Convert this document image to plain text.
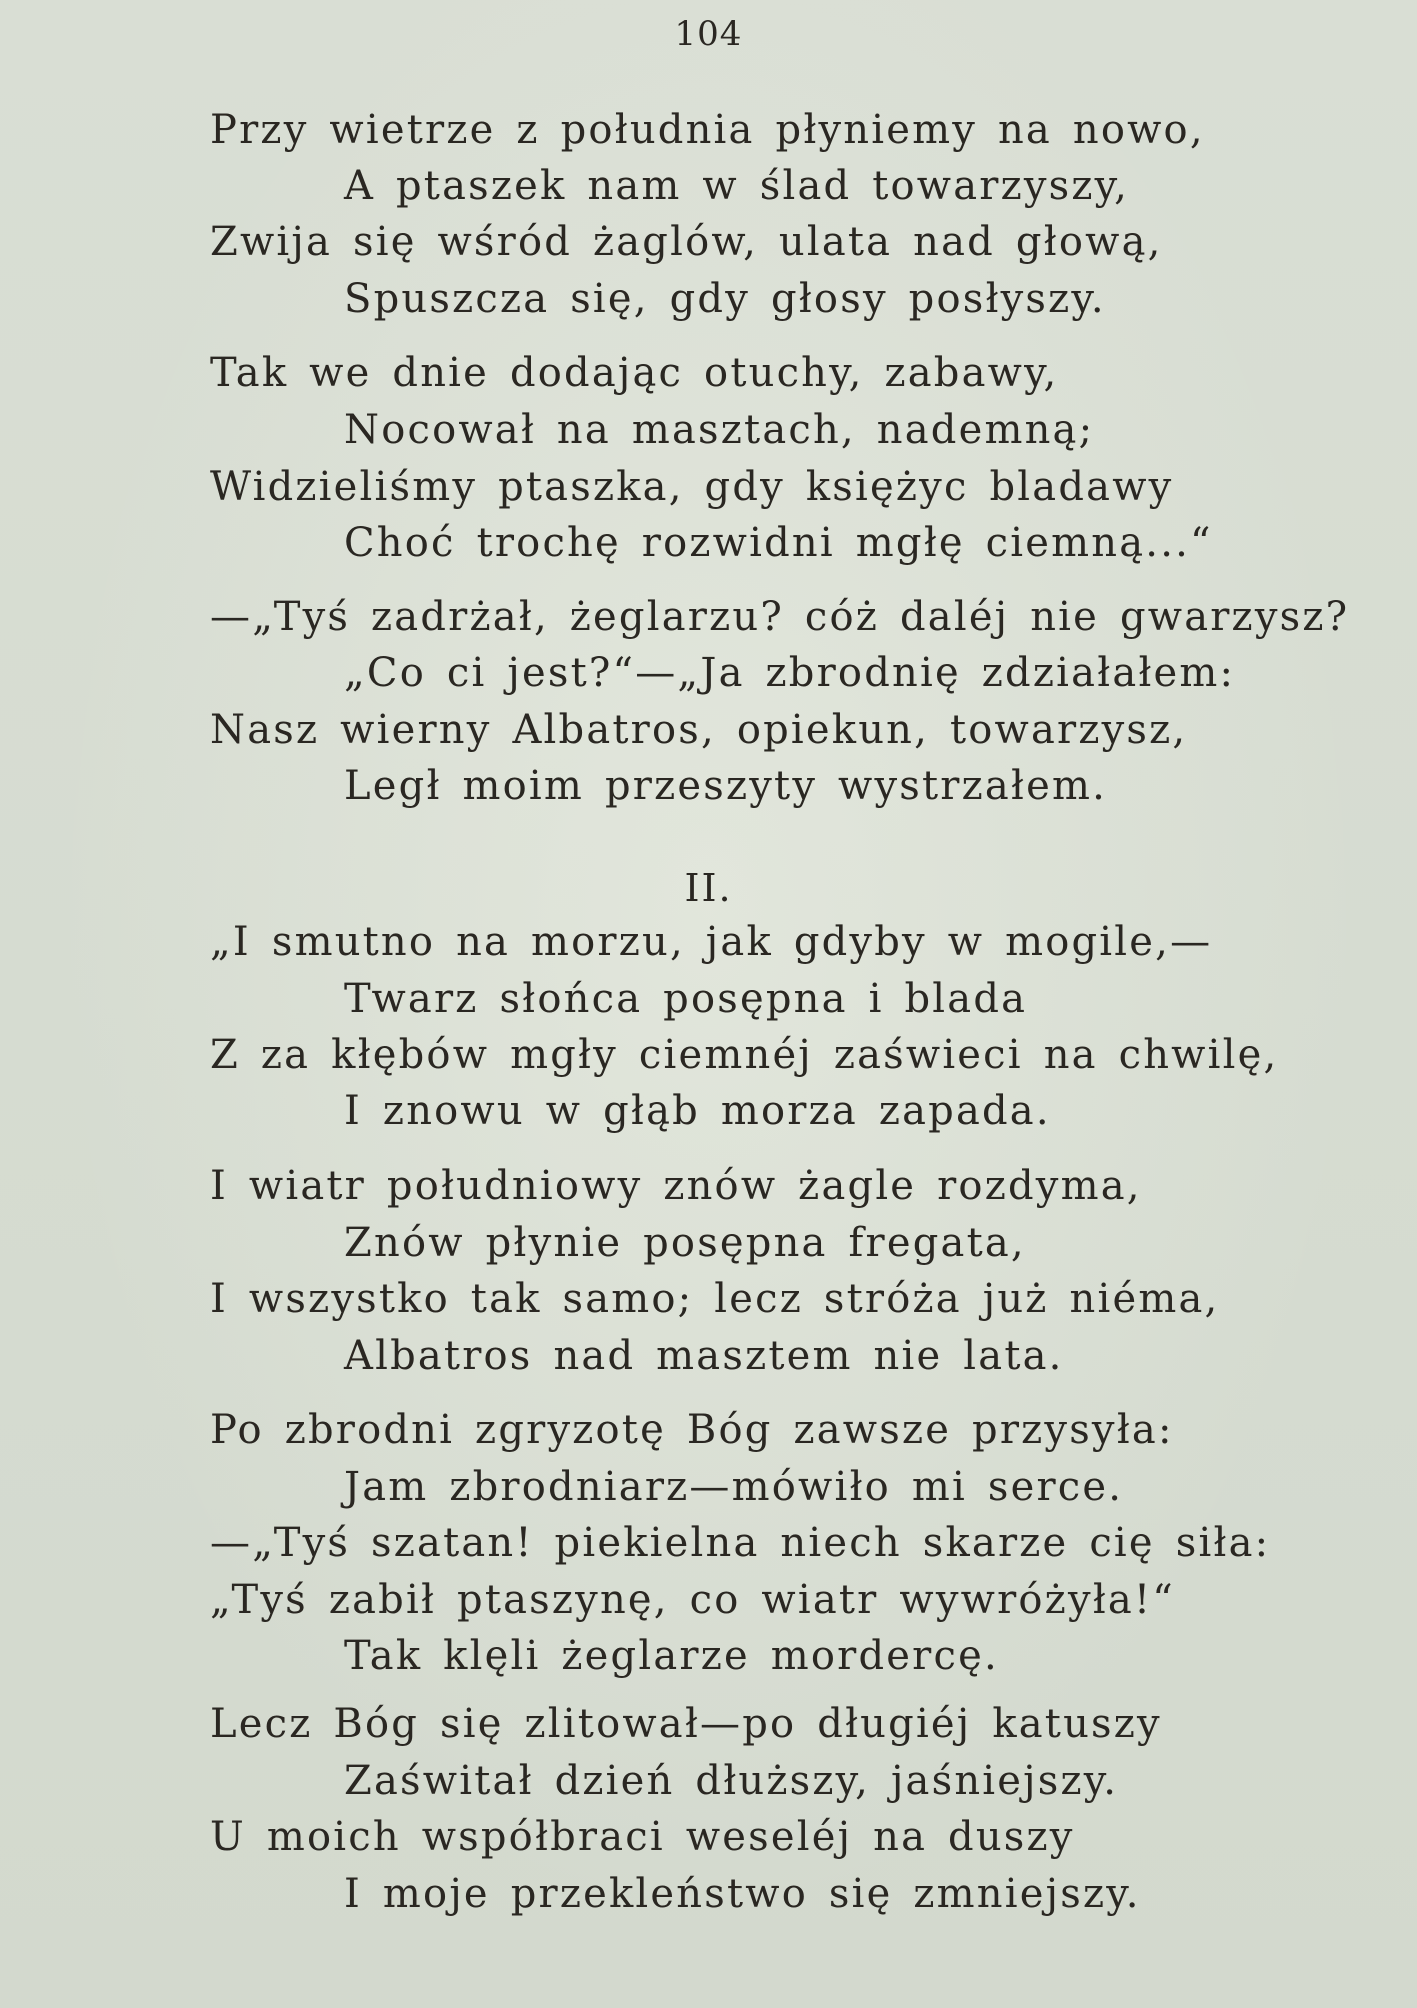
104
Przy wietrze z południa płyniemy na nowo,
A ptaszek nam w ślad towarzyszy,
Zwija się wśród żaglów, ulata nad głową,
Spuszcza się, gdy głosy posłyszy.
Tak we dnie dodając otuchy, zabawy,
Nocował na masztach, nademną;
Widzieliśmy ptaszka, gdy księżyc bladawy
Choć trochę rozwidni mgłę ciemną...“
—„Tyś zadrżał, żeglarzu? cóż daléj nie gwarzysz?
„Co ci jest?“—„Ja zbrodnię zdziałałem:
Nasz wierny Albatros, opiekun, towarzysz,
Legł moim przeszyty wystrzałem.
II.
„I smutno na morzu, jak gdyby w mogile,—
Twarz słońca posępna i blada
Z za kłębów mgły ciemnéj zaświeci na chwilę,
I znowu w głąb morza zapada.
I wiatr południowy znów żagle rozdyma,
Znów płynie posępna fregata,
I wszystko tak samo; lecz stróża już niéma,
Albatros nad masztem nie lata.
Po zbrodni zgryzotę Bóg zawsze przysyła:
Jam zbrodniarz—mówiło mi serce.
—„Tyś szatan! piekielna niech skarze cię siła:
„Tyś zabił ptaszynę, co wiatr wywróżyła!“
Tak klęli żeglarze mordercę.
Lecz Bóg się zlitował—po długiéj katuszy
Zaświtał dzień dłuższy, jaśniejszy.
U moich współbraci weseléj na duszy
I moje przekleństwo się zmniejszy.
